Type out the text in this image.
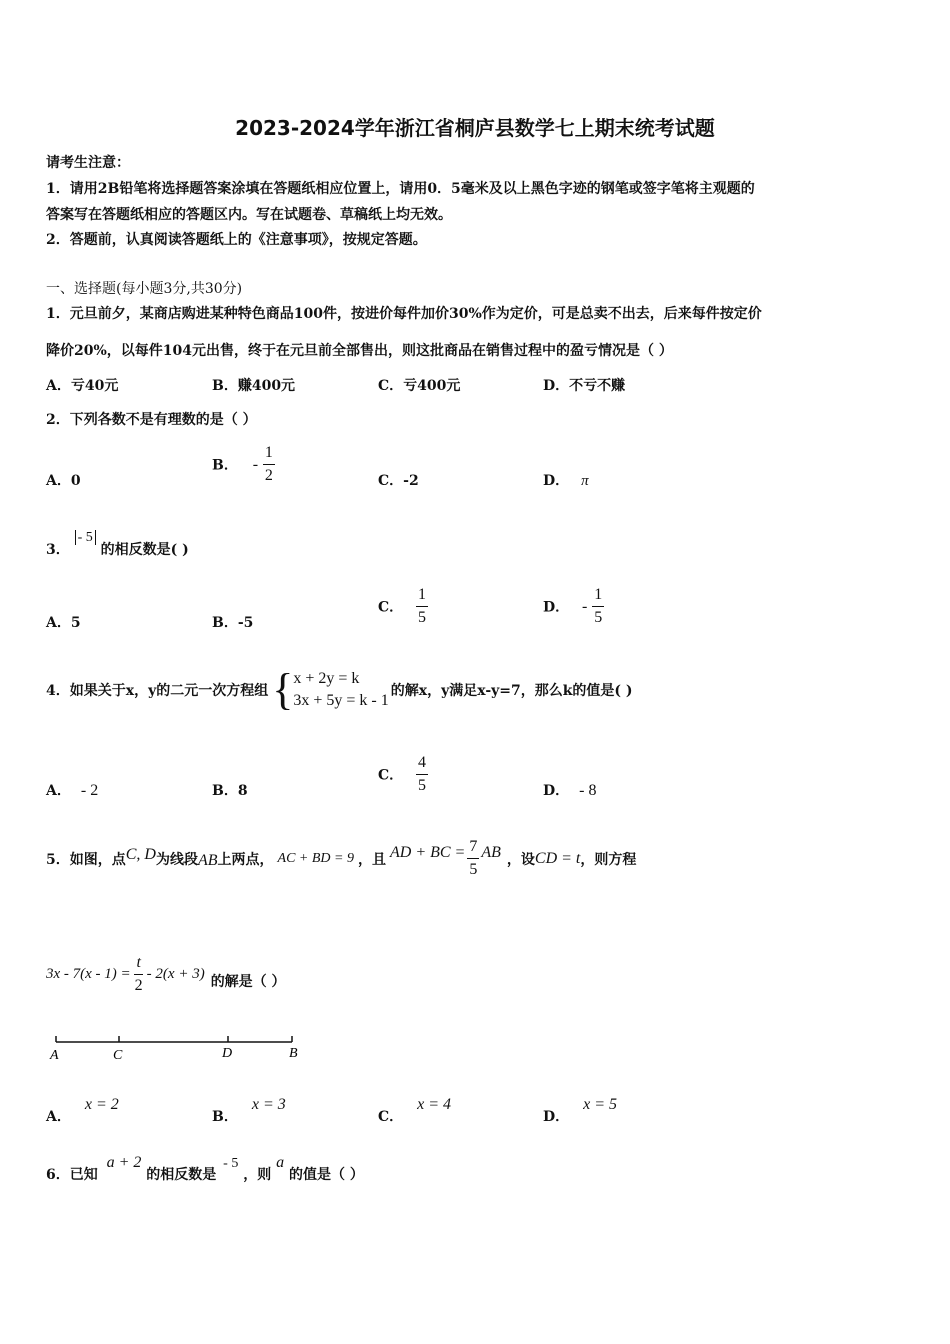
2023-2024学年浙江省桐庐县数学七上期末统考试题
请考生注意：
1．请用2B铅笔将选择题答案涂填在答题纸相应位置上，请用0．5毫米及以上黑色字迹的钢笔或签字笔将主观题的
答案写在答题纸相应的答题区内。写在试题卷、草稿纸上均无效。
2．答题前，认真阅读答题纸上的《注意事项》，按规定答题。
一、选择题(每小题3分,共30分)
1．元旦前夕，某商店购进某种特色商品100件，按进价每件加价30%作为定价，可是总卖不出去，后来每件按定价
降价20%，以每件104元出售，终于在元旦前全部售出，则这批商品在销售过程中的盈亏情况是（ ）
A．亏40元	B．赚400元	C．亏400元	D．不亏不赚
2．下列各数不是有理数的是（ ）
A．0
B． - $\frac{1}{2}$	C．-2	D． π
3． - 5 的相反数是( )
A．5	B．-5
C． $\frac{1}{5}$	D． - $\frac{1}{5}$
4．如果关于x，y的二元一次方程组 { x + 2y = k
3x + 5y = k - 1
的解x，y满足x-y=7，那么k的值是( )
A． - 2	B．8
C． $\frac{4}{5}$	D． - 8
5．如图，点 C, D 为线段 AB 上两点， AC + BD = 9 ，且 AD + BC = $\frac{7}{5}$ AB ，设 CD = t ，则方程
$3x - 7(x - 1) = \frac{t}{2} - 2(x + 3)$ 的解是（ ）
A	C	D	B
A．x = 2
B．x = 3
C．x = 4
D．x = 5
6．已知 a + 2 的相反数是 - 5 ，则 a 的值是（ ）
